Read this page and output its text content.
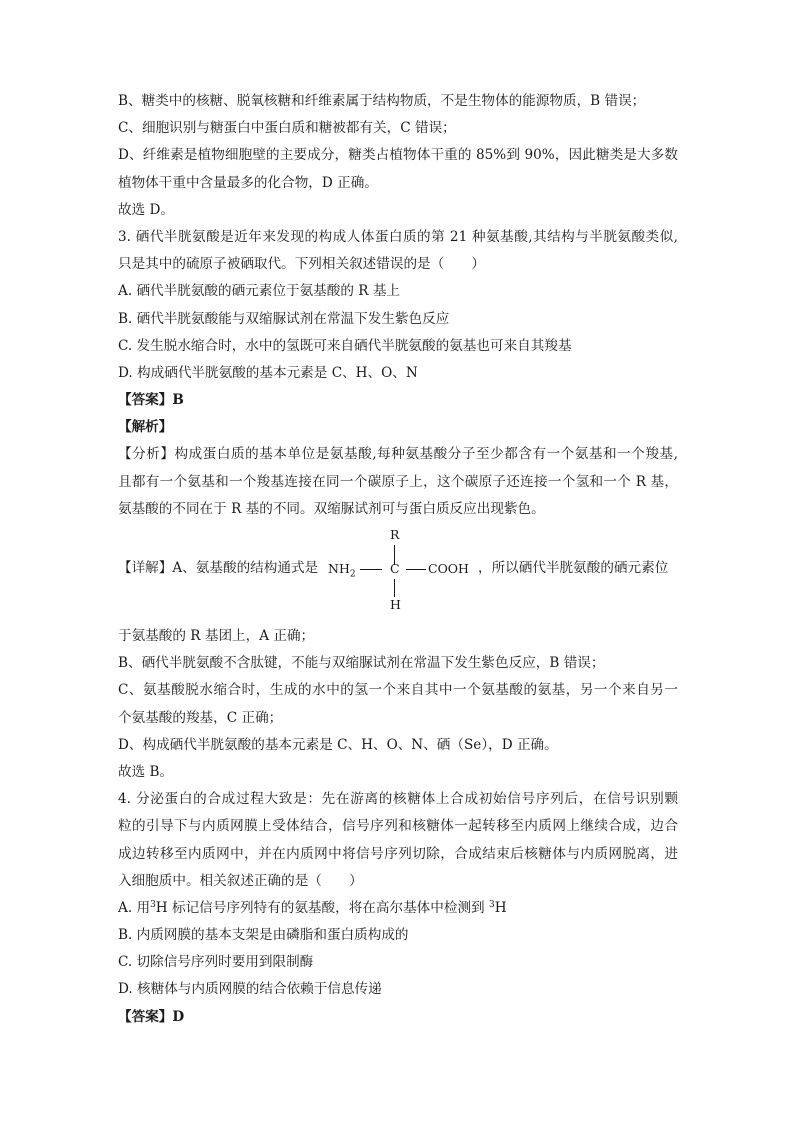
B、糖类中的核糖、脱氧核糖和纤维素属于结构物质，不是生物体的能源物质，B 错误；
C、细胞识别与糖蛋白中蛋白质和糖被都有关，C 错误；
D、纤维素是植物细胞壁的主要成分，糖类占植物体干重的 85%到 90%，因此糖类是大多数
植物体干重中含量最多的化合物，D 正确。
故选 D。
3. 硒代半胱氨酸是近年来发现的构成人体蛋白质的第 21 种氨基酸,其结构与半胱氨酸类似,
只是其中的硫原子被硒取代。下列相关叙述错误的是（　　）
A. 硒代半胱氨酸的硒元素位于氨基酸的 R 基上
B. 硒代半胱氨酸能与双缩脲试剂在常温下发生紫色反应
C. 发生脱水缩合时，水中的氢既可来自硒代半胱氨酸的氨基也可来自其羧基
D. 构成硒代半胱氨酸的基本元素是 C、H、O、N
【答案】B
【解析】
【分析】构成蛋白质的基本单位是氨基酸,每种氨基酸分子至少都含有一个氨基和一个羧基,
且都有一个氨基和一个羧基连接在同一个碳原子上，这个碳原子还连接一个氢和一个 R 基，
氨基酸的不同在于 R 基的不同。双缩脲试剂可与蛋白质反应出现紫色。
【详解】A、氨基酸的结构通式是
R
$NH_2$	C COOH
H
，所以硒代半胱氨酸的硒元素位
于氨基酸的 R 基团上，A 正确；
B、硒代半胱氨酸不含肽键，不能与双缩脲试剂在常温下发生紫色反应，B 错误；
C、氨基酸脱水缩合时，生成的水中的氢一个来自其中一个氨基酸的氨基，另一个来自另一
个氨基酸的羧基，C 正确；
D、构成硒代半胱氨酸的基本元素是 C、H、O、N、硒（Se），D 正确。
故选 B。
4. 分泌蛋白的合成过程大致是：先在游离的核糖体上合成初始信号序列后，在信号识别颗
粒的引导下与内质网膜上受体结合，信号序列和核糖体一起转移至内质网上继续合成，边合
成边转移至内质网中，并在内质网中将信号序列切除，合成结束后核糖体与内质网脱离，进
入细胞质中。相关叙述正确的是（　　）
A. 用$^3$H 标记信号序列特有的氨基酸，将在高尔基体中检测到 $^3$H
B. 内质网膜的基本支架是由磷脂和蛋白质构成的
C. 切除信号序列时要用到限制酶
D. 核糖体与内质网膜的结合依赖于信息传递
【答案】D
